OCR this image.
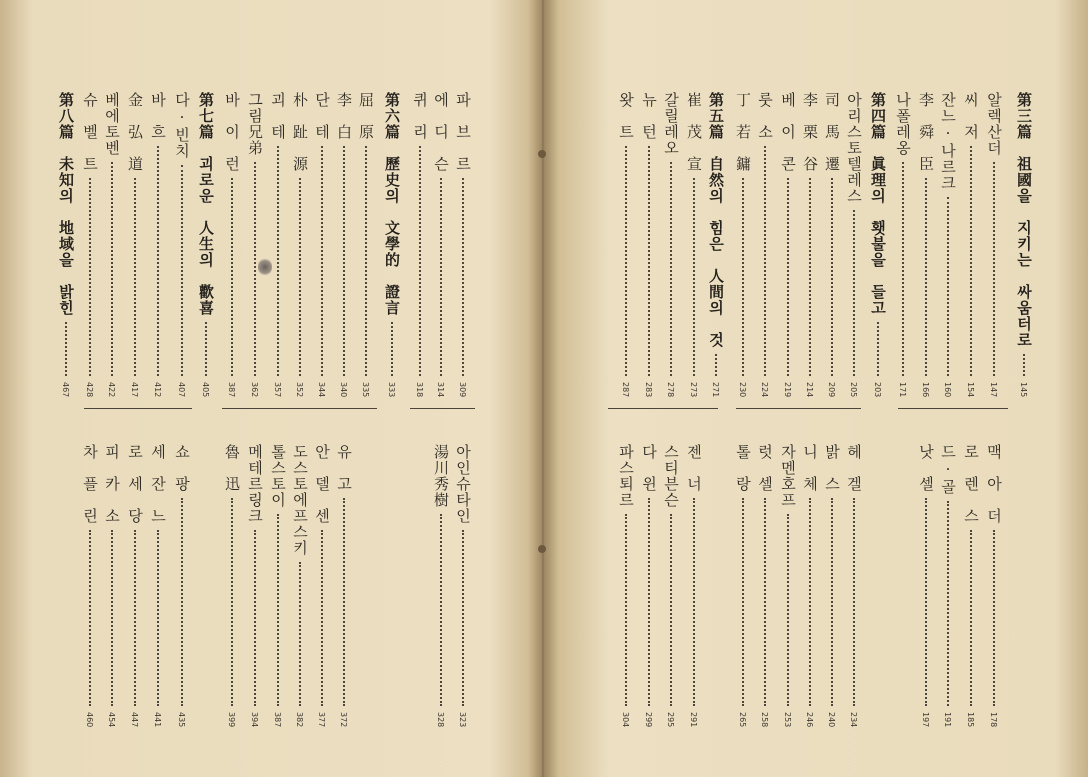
第八篇　未知의　地域을　밝힌
467
슈　벨　트
428
베에토벤
422
金　弘　道
417
바　흐
412
다·빈치
407
第七篇　괴로운　人生의　歡喜
405
바　이　런
387
그림兄弟
362
괴　테
357
朴　趾　源
352
단　테
344
李　白
340
屈　原
335
第六篇　歷史의　文學的　證言
333
퀴　리
318
에　디　슨
314
파　브　르
309
차　플　린
460
피　카　소
454
로　세　당
447
세　잔　느
441
쇼　팡
435
魯　迅
399
메테르링크
394
톨스토이
387
도스토에프스키
382
안　델　센
377
유　고
372
湯川秀樹
328
아인슈타인
323
왓　트
287
뉴　턴
283
갈릴레오
278
崔　茂　宣
273
第五篇　自然의　힘은　人間의　것
271
丁　若　鏞
230
룻　소
224
베　이　콘
219
李　栗　谷
214
司　馬　遷
209
아리스토텔레스
205
第四篇　眞理의　횃불을　들고
203
나폴레옹
171
李　舜　臣
166
잔느·나르크
160
씨　저
154
알렉산더
147
第三篇　祖國을　지키는　싸움터로
145
파스퇴르
304
다　윈
299
스티븐슨
295
젠　너
291
톨　랑
265
럿　셀
258
자멘호프
253
니　체
246
밝　스
240
헤　겔
234
낫　셀
197
드·골
191
로　렌　스
185
맥　아　더
178
